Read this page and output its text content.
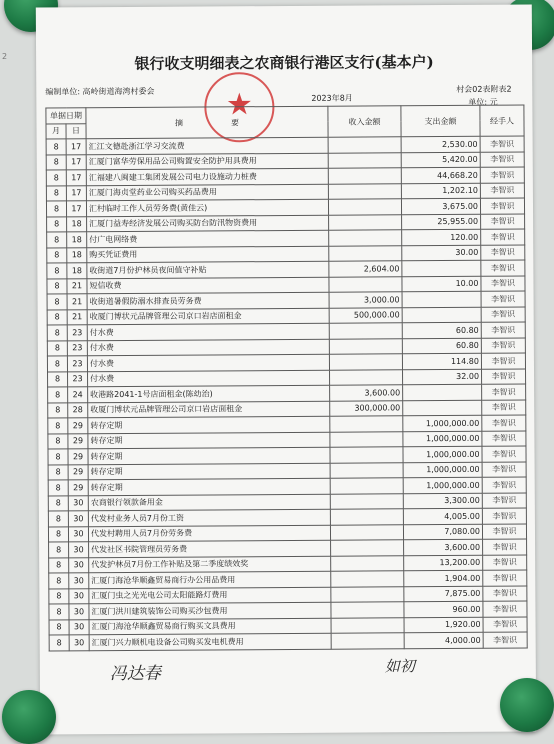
银行收支明细表之农商银行港区支行(基本户)
编制单位: 高岭街道海湾村委会
2023年8月
村会02表附表2
单位: 元
★
单据日期		摘　　　　　　要	收入金额	支出金额	经手人
月	日				
8	17	汇江文德赴浙江学习交流费		2,530.00	李智识
8	17	汇厦门富华劳保用品公司购置安全防护用具费用		5,420.00	李智识
8	17	汇福建八闽建工集团发展公司电力设施动力桩费		44,668.20	李智识
8	17	汇厦门海贞堂药业公司购买药品费用		1,202.10	李智识
8	17	汇村临时工作人员劳务费(黄佳云)		3,675.00	李智识
8	18	汇厦门益寿经济发展公司购买防台防汛物资费用		25,955.00	李智识
8	18	付广电网络费		120.00	李智识
8	18	购买凭证费用		30.00	李智识
8	18	收街道7月份护林员夜间值守补贴	2,604.00		李智识
8	21	短信收费		10.00	李智识
8	21	收街道暑假防溺水排查员劳务费	3,000.00		李智识
8	21	收厦门博状元品牌管理公司京口岩店面租金	500,000.00		李智识
8	23	付水费		60.80	李智识
8	23	付水费		60.80	李智识
8	23	付水费		114.80	李智识
8	23	付水费		32.00	李智识
8	24	收港路2041-1号店面租金(陈幼治)	3,600.00		李智识
8	28	收厦门博状元品牌管理公司京口岩店面租金	300,000.00		李智识
8	29	转存定期		1,000,000.00	李智识
8	29	转存定期		1,000,000.00	李智识
8	29	转存定期		1,000,000.00	李智识
8	29	转存定期		1,000,000.00	李智识
8	29	转存定期		1,000,000.00	李智识
8	30	农商银行领款备用金		3,300.00	李智识
8	30	代发村业务人员7月份工资		4,005.00	李智识
8	30	代发村聘用人员7月份劳务费		7,080.00	李智识
8	30	代发社区书院管理员劳务费		3,600.00	李智识
8	30	代发护林员7月份工作补贴及第二季度绩效奖		13,200.00	李智识
8	30	汇厦门海沧华顺鑫贸易商行办公用品费用		1,904.00	李智识
8	30	汇厦门虫之光光电公司太阳能路灯费用		7,875.00	李智识
8	30	汇厦门洪川建筑装饰公司购买沙包费用		960.00	李智识
8	30	汇厦门海沧华顺鑫贸易商行购买文具费用		1,920.00	李智识
8	30	汇厦门兴力顺机电设备公司购买发电机费用		4,000.00	李智识
冯达春	如初
2
